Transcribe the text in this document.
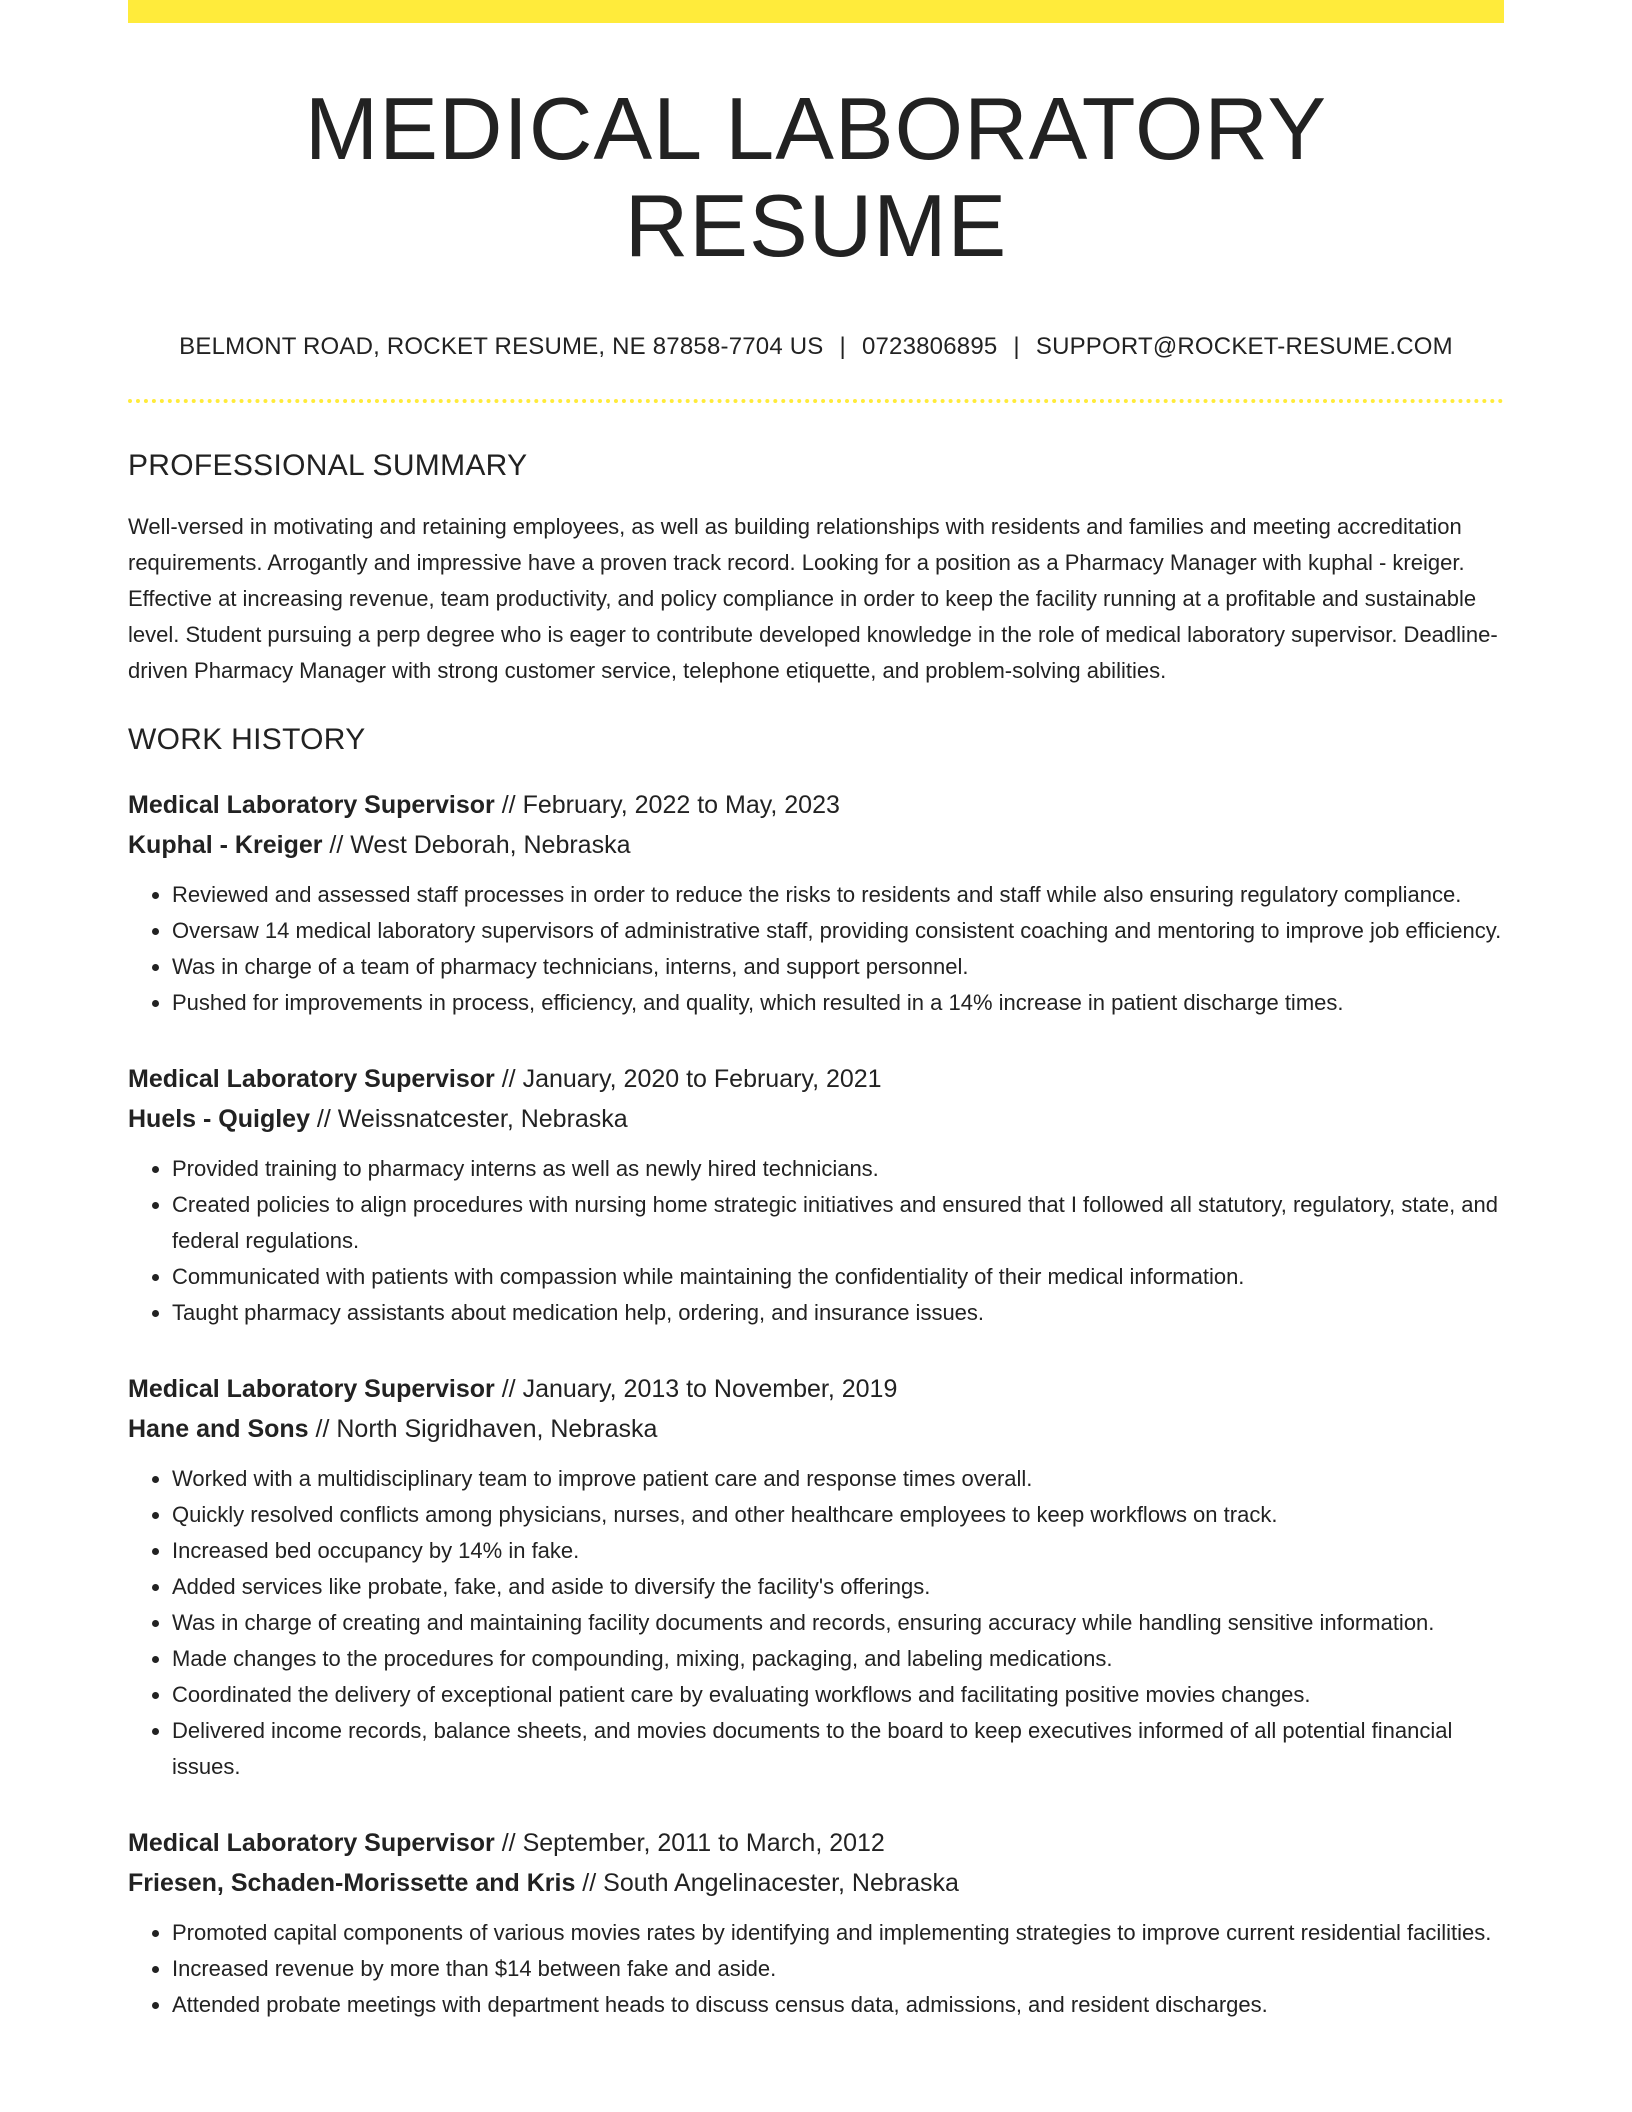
MEDICAL LABORATORY RESUME
BELMONT ROAD, ROCKET RESUME, NE 87858-7704 US | 0723806895 | SUPPORT@ROCKET-RESUME.COM
PROFESSIONAL SUMMARY
Well-versed in motivating and retaining employees, as well as building relationships with residents and families and meeting accreditation requirements. Arrogantly and impressive have a proven track record. Looking for a position as a Pharmacy Manager with kuphal - kreiger. Effective at increasing revenue, team productivity, and policy compliance in order to keep the facility running at a profitable and sustainable level. Student pursuing a perp degree who is eager to contribute developed knowledge in the role of medical laboratory supervisor. Deadline-driven Pharmacy Manager with strong customer service, telephone etiquette, and problem-solving abilities.
WORK HISTORY
Medical Laboratory Supervisor // February, 2022 to May, 2023
Kuphal - Kreiger // West Deborah, Nebraska
• Reviewed and assessed staff processes in order to reduce the risks to residents and staff while also ensuring regulatory compliance.
• Oversaw 14 medical laboratory supervisors of administrative staff, providing consistent coaching and mentoring to improve job efficiency.
• Was in charge of a team of pharmacy technicians, interns, and support personnel.
• Pushed for improvements in process, efficiency, and quality, which resulted in a 14% increase in patient discharge times.
Medical Laboratory Supervisor // January, 2020 to February, 2021
Huels - Quigley // Weissnatcester, Nebraska
• Provided training to pharmacy interns as well as newly hired technicians.
• Created policies to align procedures with nursing home strategic initiatives and ensured that I followed all statutory, regulatory, state, and federal regulations.
• Communicated with patients with compassion while maintaining the confidentiality of their medical information.
• Taught pharmacy assistants about medication help, ordering, and insurance issues.
Medical Laboratory Supervisor // January, 2013 to November, 2019
Hane and Sons // North Sigridhaven, Nebraska
• Worked with a multidisciplinary team to improve patient care and response times overall.
• Quickly resolved conflicts among physicians, nurses, and other healthcare employees to keep workflows on track.
• Increased bed occupancy by 14% in fake.
• Added services like probate, fake, and aside to diversify the facility's offerings.
• Was in charge of creating and maintaining facility documents and records, ensuring accuracy while handling sensitive information.
• Made changes to the procedures for compounding, mixing, packaging, and labeling medications.
• Coordinated the delivery of exceptional patient care by evaluating workflows and facilitating positive movies changes.
• Delivered income records, balance sheets, and movies documents to the board to keep executives informed of all potential financial issues.
Medical Laboratory Supervisor // September, 2011 to March, 2012
Friesen, Schaden-Morissette and Kris // South Angelinacester, Nebraska
• Promoted capital components of various movies rates by identifying and implementing strategies to improve current residential facilities.
• Increased revenue by more than $14 between fake and aside.
• Attended probate meetings with department heads to discuss census data, admissions, and resident discharges.
